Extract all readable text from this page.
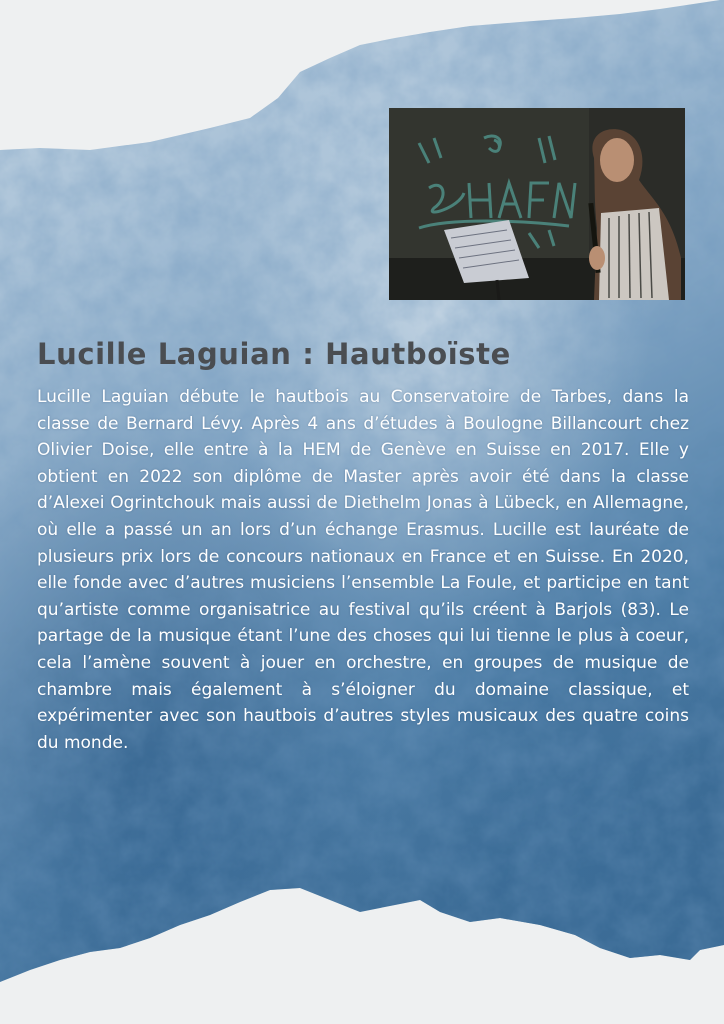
Lucille Laguian : Hautboïste

Lucille Laguian débute le hautbois au Conservatoire de Tarbes, dans la classe de Bernard Lévy. Après 4 ans d’études à Boulogne Billancourt chez Olivier Doise, elle entre à la HEM de Genève en Suisse en 2017. Elle y obtient en 2022 son diplôme de Master après avoir été dans la classe d’Alexei Ogrintchouk mais aussi de Diethelm Jonas à Lübeck, en Allemagne, où elle a passé un an lors d’un échange Erasmus. Lucille est lauréate de plusieurs prix lors de concours nationaux en France et en Suisse. En 2020, elle fonde avec d’autres musiciens l’ensemble La Foule, et participe en tant qu’artiste comme organisatrice au festival qu’ils créent à Barjols (83). Le partage de la musique étant l’une des choses qui lui tienne le plus à coeur, cela l’amène souvent à jouer en orchestre, en groupes de musique de chambre mais également à s’éloigner du domaine classique, et expérimenter avec son hautbois d’autres styles musicaux des quatre coins du monde.
